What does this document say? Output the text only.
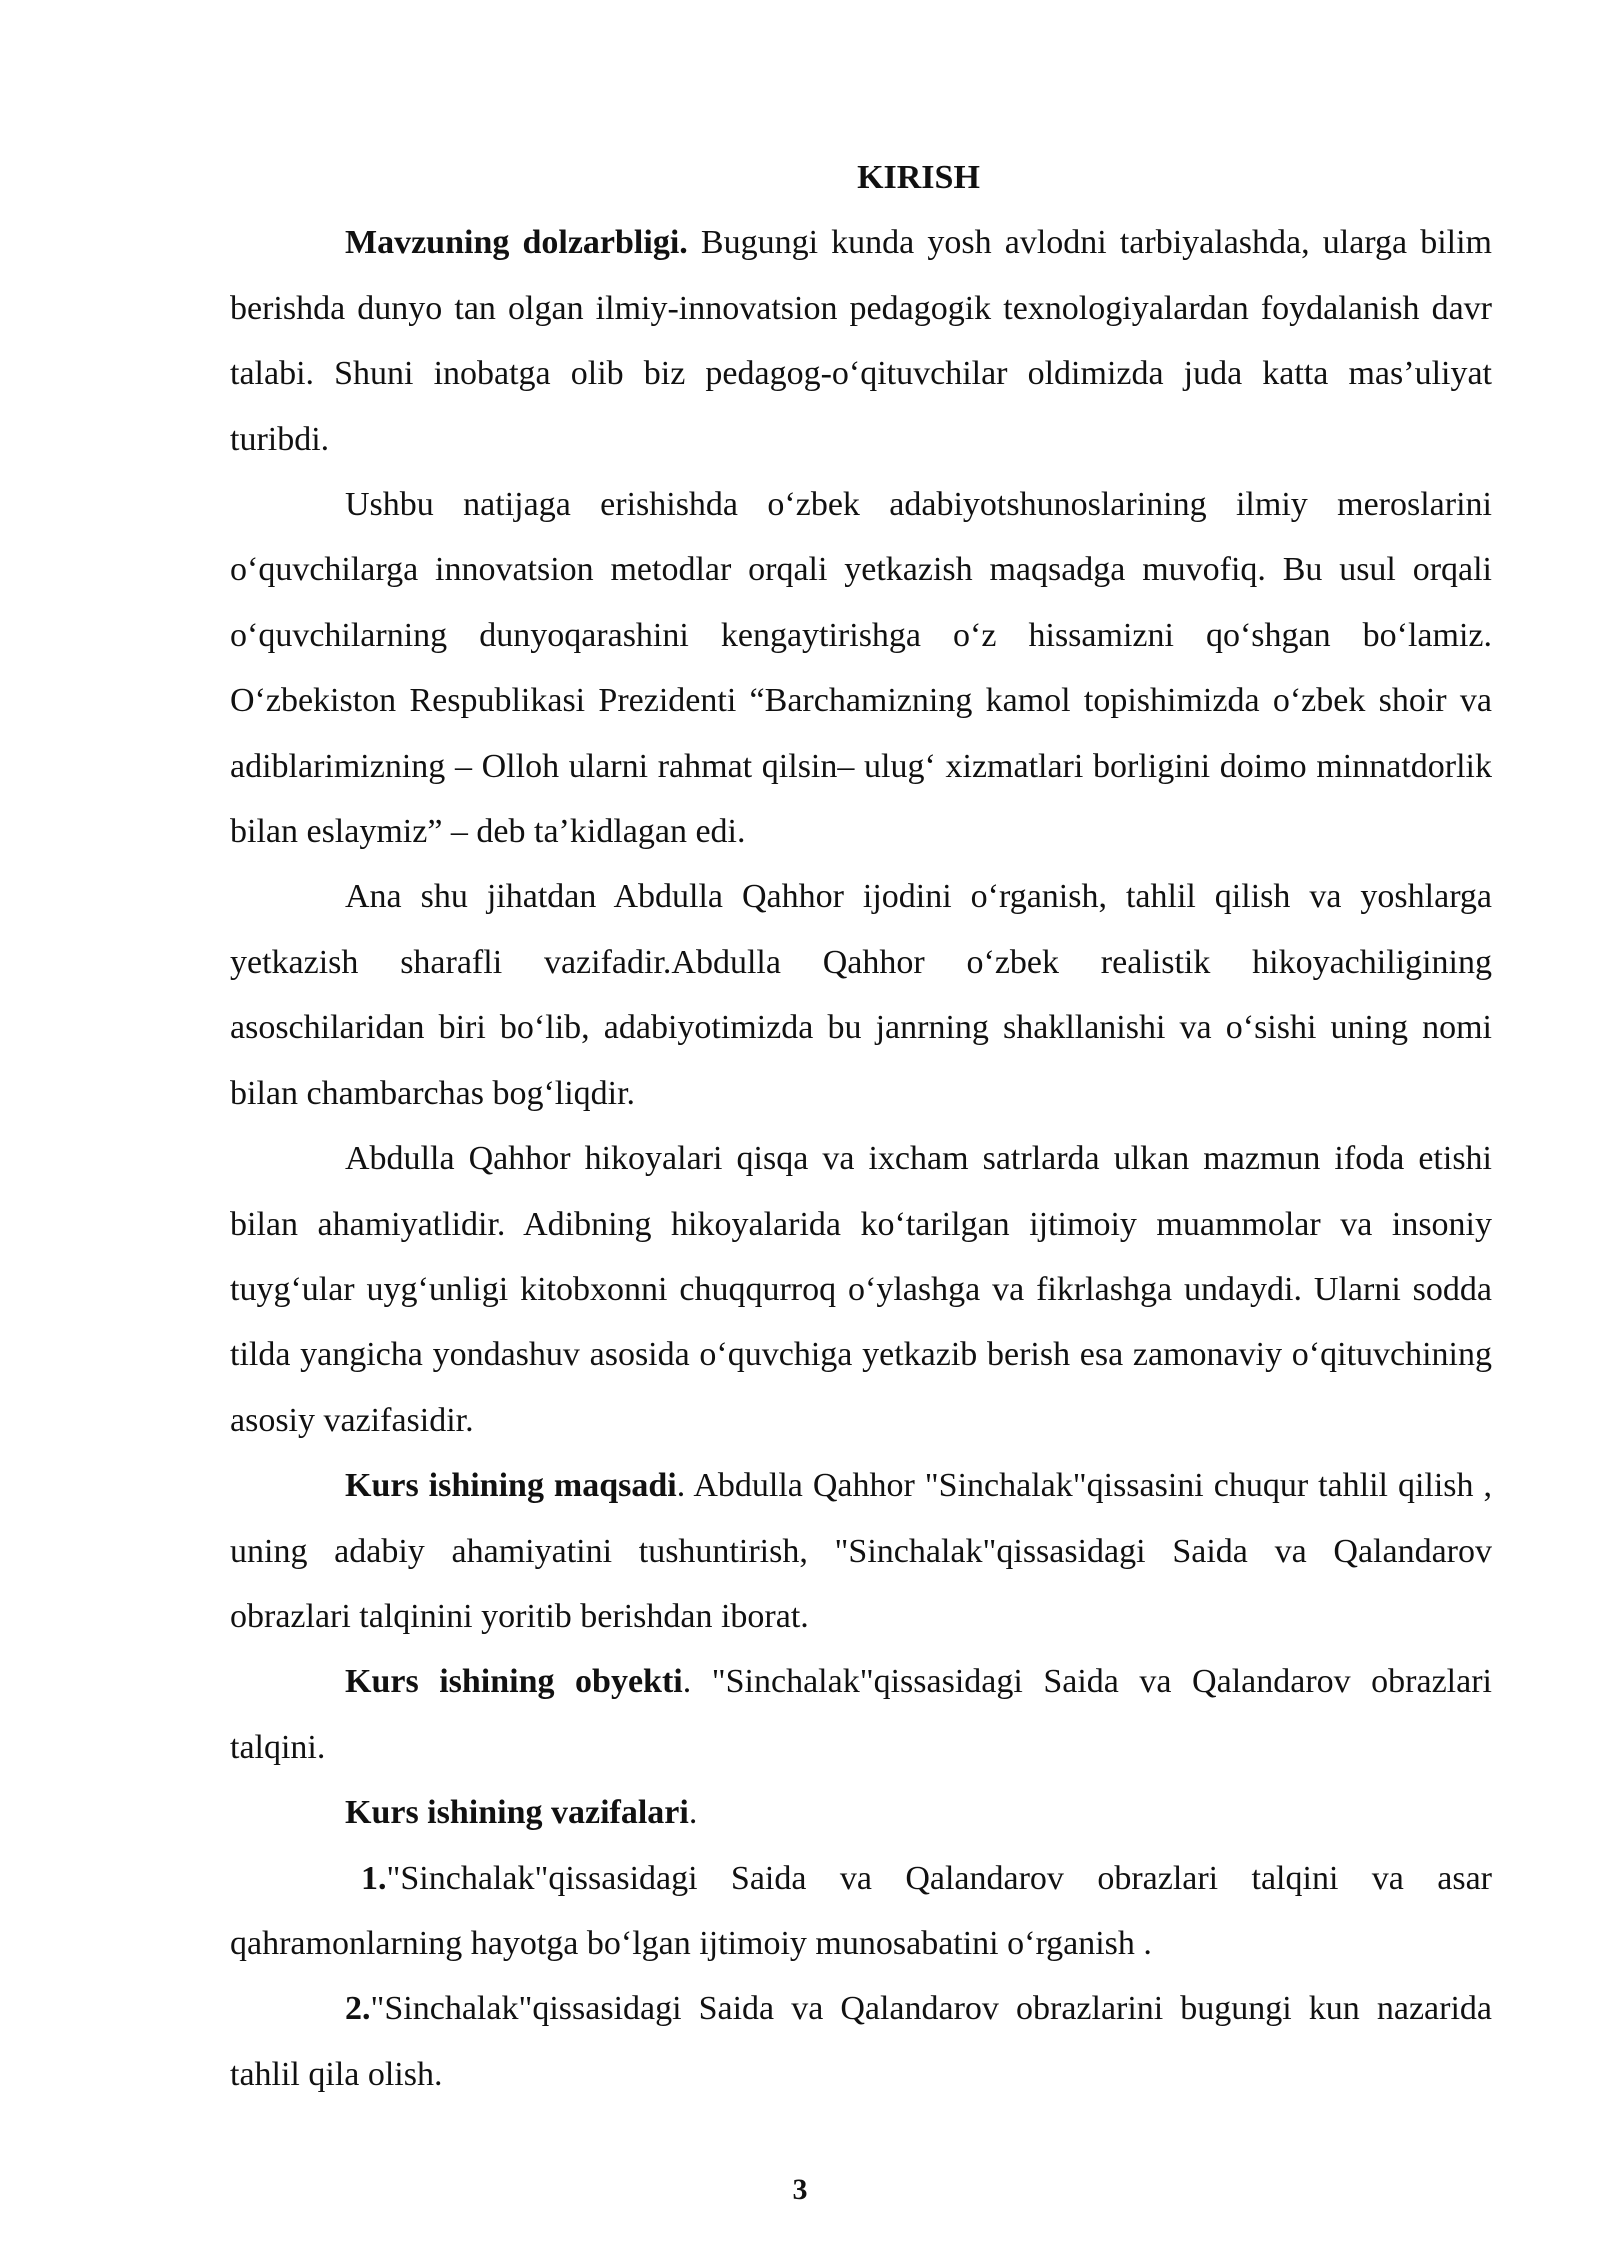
KIRISH

Mavzuning dolzarbligi. Bugungi kunda yosh avlodni tarbiyalashda, ularga bilim berishda dunyo tan olgan ilmiy-innovatsion pedagogik texnologiyalardan foydalanish davr talabi. Shuni inobatga olib biz pedagog-o‘qituvchilar oldimizda juda katta mas’uliyat turibdi.

Ushbu natijaga erishishda o‘zbek adabiyotshunoslarining ilmiy meroslarini o‘quvchilarga innovatsion metodlar orqali yetkazish maqsadga muvofiq. Bu usul orqali o‘quvchilarning dunyoqarashini kengaytirishga o‘z hissamizni qo‘shgan bo‘lamiz. O‘zbekiston Respublikasi Prezidenti “Barchamizning kamol topishimizda o‘zbek shoir va adiblarimizning – Olloh ularni rahmat qilsin– ulug‘ xizmatlari borligini doimo minnatdorlik bilan eslaymiz” – deb ta’kidlagan edi.

Ana shu jihatdan Abdulla Qahhor ijodini o‘rganish, tahlil qilish va yoshlarga yetkazish sharafli vazifadir.Abdulla Qahhor o‘zbek realistik hikoyachiligining asoschilaridan biri bo‘lib, adabiyotimizda bu janrning shakllanishi va o‘sishi uning nomi bilan chambarchas bog‘liqdir.

Abdulla Qahhor hikoyalari qisqa va ixcham satrlarda ulkan mazmun ifoda etishi bilan ahamiyatlidir. Adibning hikoyalarida ko‘tarilgan ijtimoiy muammolar va insoniy tuyg‘ular uyg‘unligi kitobxonni chuqqurroq o‘ylashga va fikrlashga undaydi. Ularni sodda tilda yangicha yondashuv asosida o‘quvchiga yetkazib berish esa zamonaviy o‘qituvchining asosiy vazifasidir.

Kurs ishining maqsadi. Abdulla Qahhor "Sinchalak"qissasini chuqur tahlil qilish , uning adabiy ahamiyatini tushuntirish, "Sinchalak"qissasidagi Saida va Qalandarov obrazlari talqinini yoritib berishdan iborat.

Kurs ishining obyekti. "Sinchalak"qissasidagi Saida va Qalandarov obrazlari talqini.

Kurs ishining vazifalari.

1."Sinchalak"qissasidagi Saida va Qalandarov obrazlari talqini va asar qahramonlarning hayotga bo‘lgan ijtimoiy munosabatini o‘rganish .

2."Sinchalak"qissasidagi Saida va Qalandarov obrazlarini bugungi kun nazarida tahlil qila olish.

3
